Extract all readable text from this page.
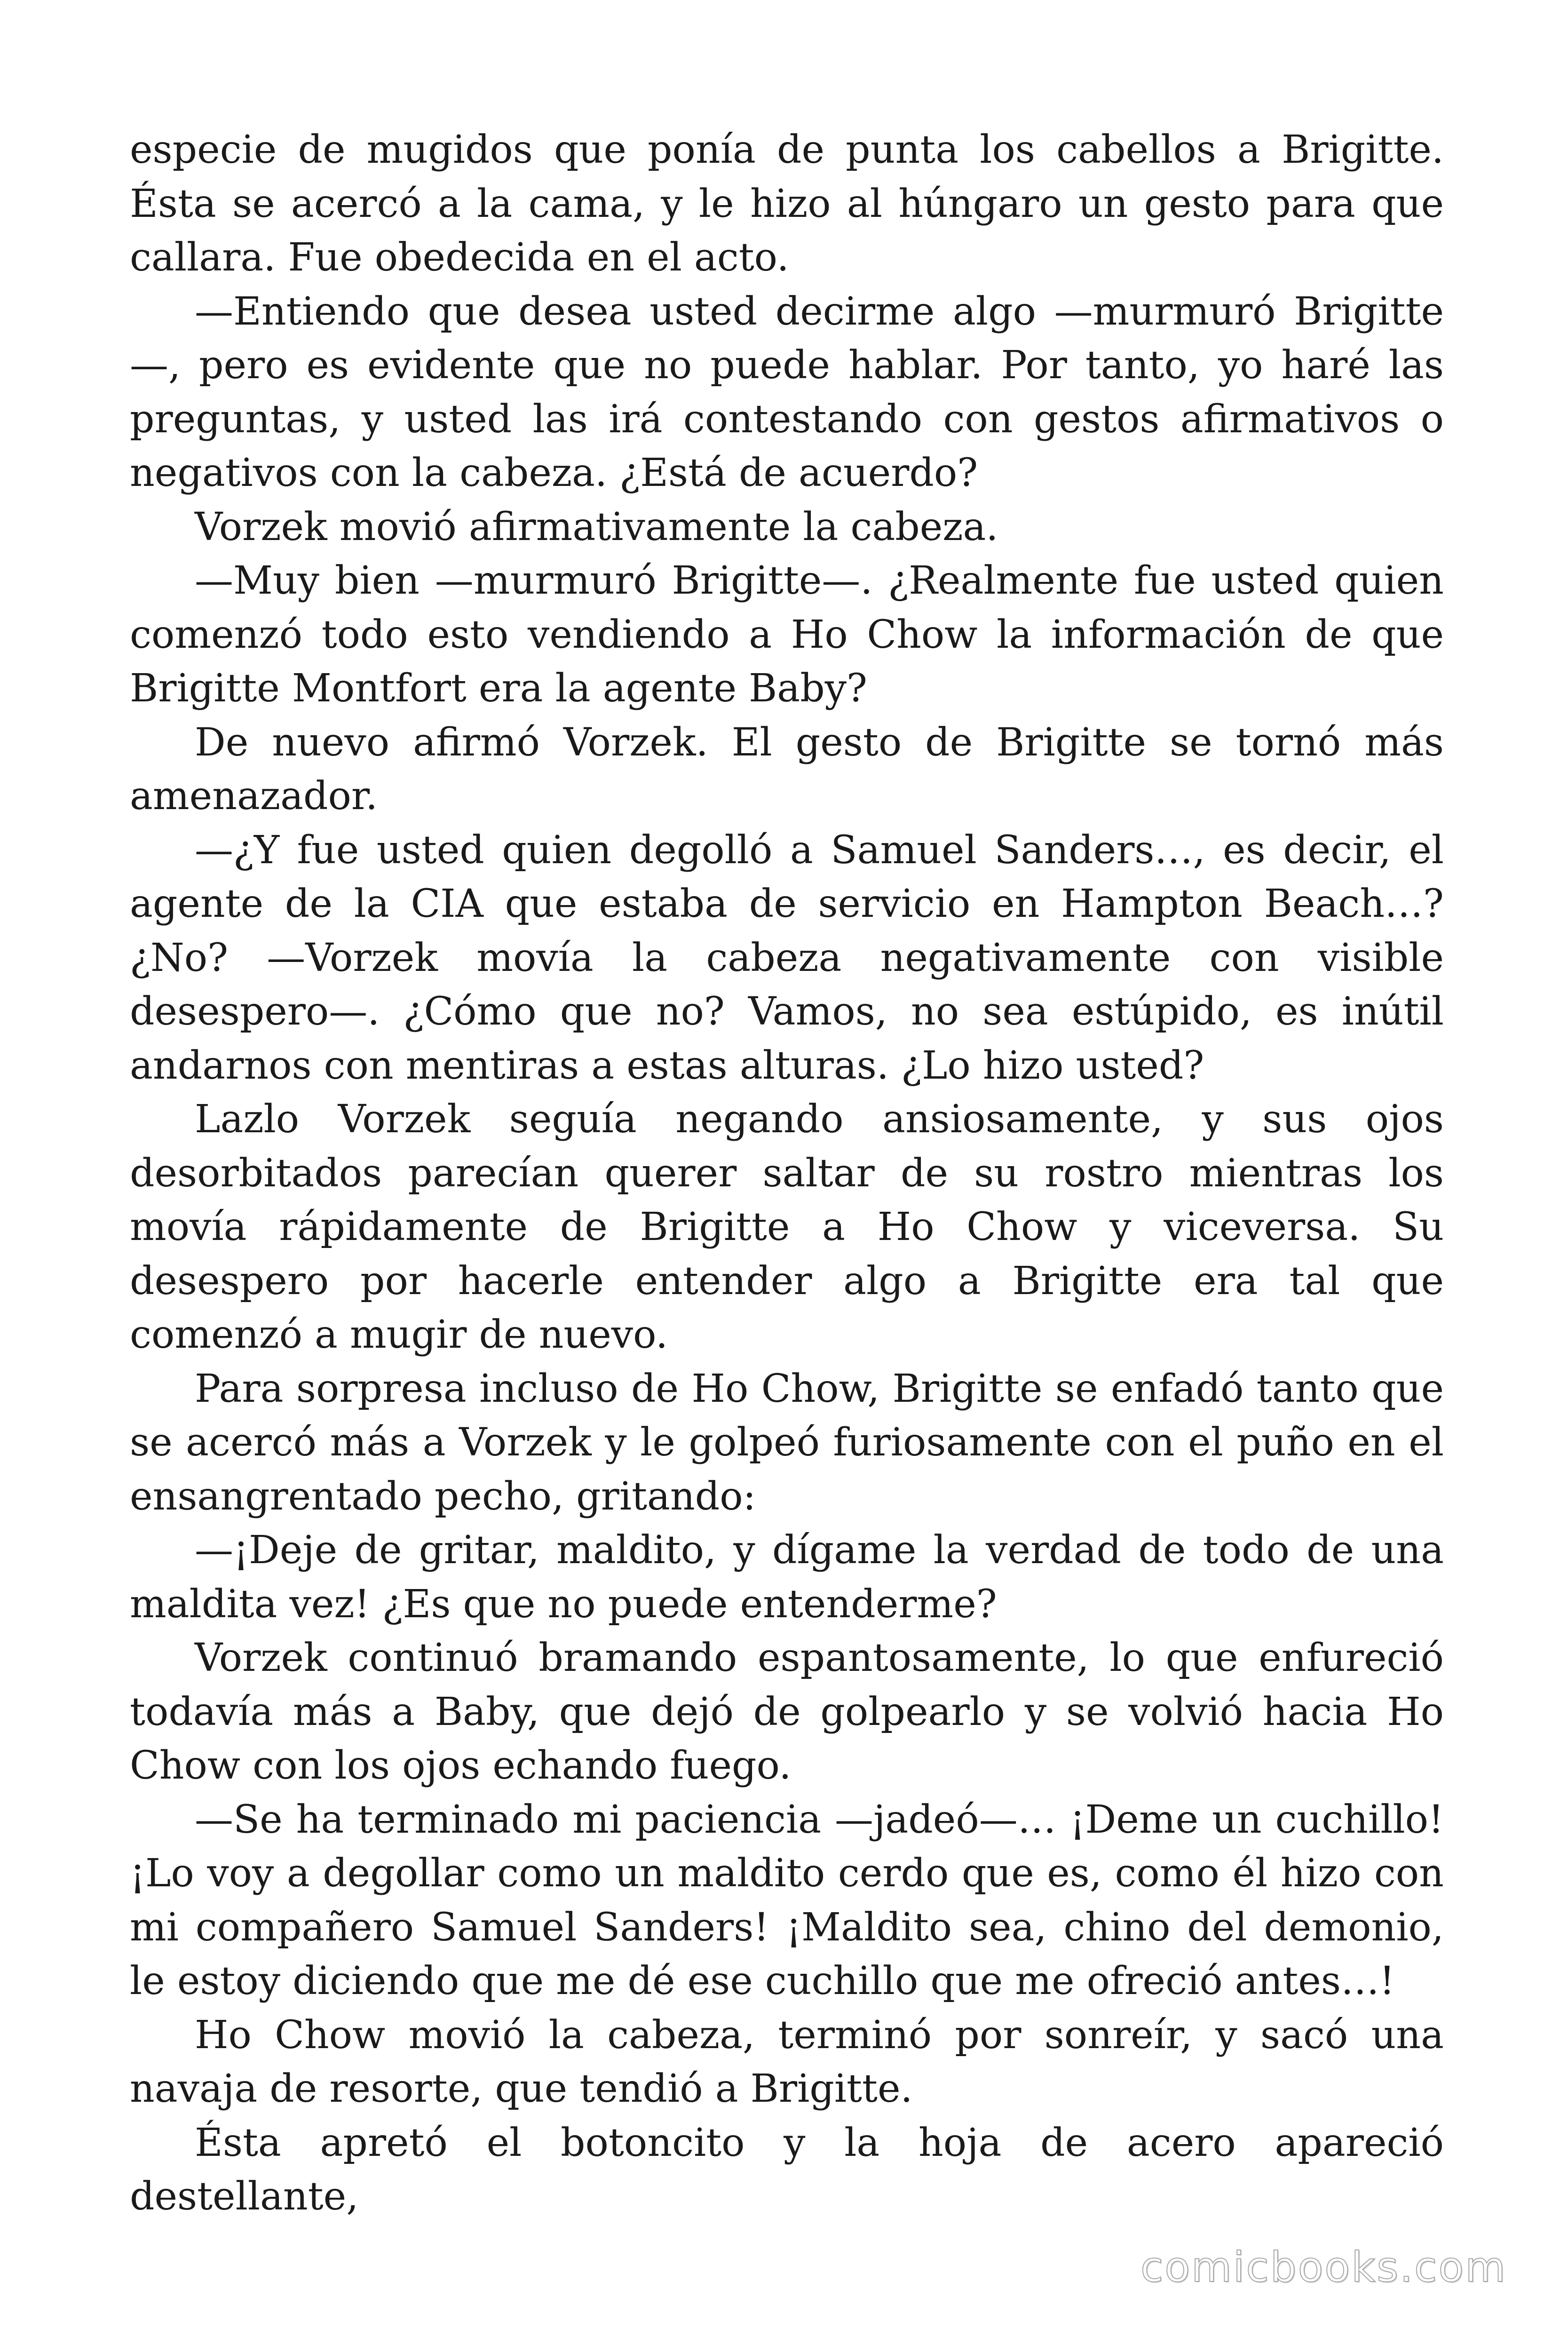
especie de mugidos que ponía de punta los cabellos a Brigitte. Ésta se acercó a la cama, y le hizo al húngaro un gesto para que callara. Fue obedecida en el acto.

—Entiendo que desea usted decirme algo —murmuró Brigitte—, pero es evidente que no puede hablar. Por tanto, yo haré las preguntas, y usted las irá contestando con gestos afirmativos o negativos con la cabeza. ¿Está de acuerdo?

Vorzek movió afirmativamente la cabeza.

—Muy bien —murmuró Brigitte—. ¿Realmente fue usted quien comenzó todo esto vendiendo a Ho Chow la información de que Brigitte Montfort era la agente Baby?

De nuevo afirmó Vorzek. El gesto de Brigitte se tornó más amenazador.

—¿Y fue usted quien degolló a Samuel Sanders…, es decir, el agente de la CIA que estaba de servicio en Hampton Beach…? ¿No? —Vorzek movía la cabeza negativamente con visible desespero—. ¿Cómo que no? Vamos, no sea estúpido, es inútil andarnos con mentiras a estas alturas. ¿Lo hizo usted?

Lazlo Vorzek seguía negando ansiosamente, y sus ojos desorbitados parecían querer saltar de su rostro mientras los movía rápidamente de Brigitte a Ho Chow y viceversa. Su desespero por hacerle entender algo a Brigitte era tal que comenzó a mugir de nuevo.

Para sorpresa incluso de Ho Chow, Brigitte se enfadó tanto que se acercó más a Vorzek y le golpeó furiosamente con el puño en el ensangrentado pecho, gritando:

—¡Deje de gritar, maldito, y dígame la verdad de todo de una maldita vez! ¿Es que no puede entenderme?

Vorzek continuó bramando espantosamente, lo que enfureció todavía más a Baby, que dejó de golpearlo y se volvió hacia Ho Chow con los ojos echando fuego.

—Se ha terminado mi paciencia —jadeó—… ¡Deme un cuchillo! ¡Lo voy a degollar como un maldito cerdo que es, como él hizo con mi compañero Samuel Sanders! ¡Maldito sea, chino del demonio, le estoy diciendo que me dé ese cuchillo que me ofreció antes…!

Ho Chow movió la cabeza, terminó por sonreír, y sacó una navaja de resorte, que tendió a Brigitte.

Ésta apretó el botoncito y la hoja de acero apareció destellante,

comicbooks.com
